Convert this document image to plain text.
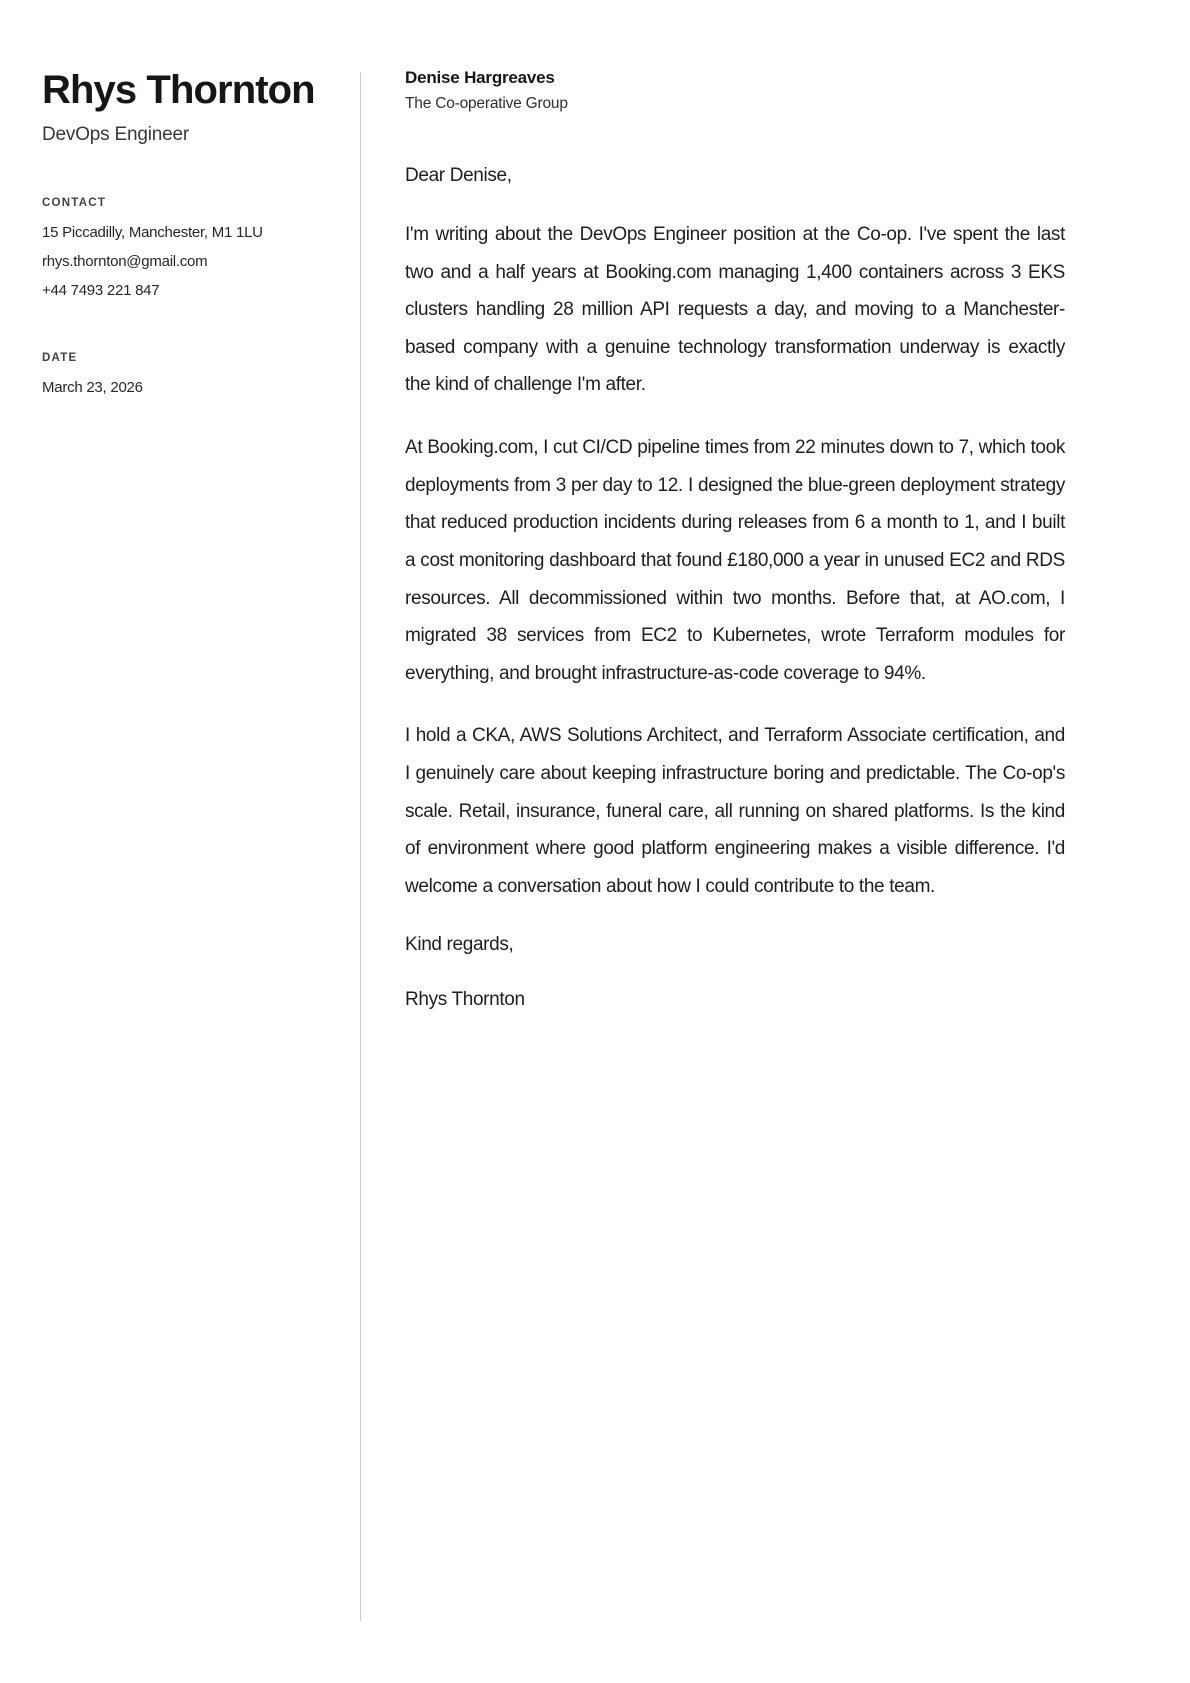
Rhys Thornton

DevOps Engineer

CONTACT

15 Piccadilly, Manchester, M1 1LU

rhys.thornton@gmail.com

+44 7493 221 847

DATE

March 23, 2026

Denise Hargreaves

The Co-operative Group

Dear Denise,

I'm writing about the DevOps Engineer position at the Co-op. I've spent the last two and a half years at Booking.com managing 1,400 containers across 3 EKS clusters handling 28 million API requests a day, and moving to a Manchester-based company with a genuine technology transformation underway is exactly the kind of challenge I'm after.

At Booking.com, I cut CI/CD pipeline times from 22 minutes down to 7, which took deployments from 3 per day to 12. I designed the blue-green deployment strategy that reduced production incidents during releases from 6 a month to 1, and I built a cost monitoring dashboard that found £180,000 a year in unused EC2 and RDS resources. All decommissioned within two months. Before that, at AO.com, I migrated 38 services from EC2 to Kubernetes, wrote Terraform modules for everything, and brought infrastructure-as-code coverage to 94%.

I hold a CKA, AWS Solutions Architect, and Terraform Associate certification, and I genuinely care about keeping infrastructure boring and predictable. The Co-op's scale. Retail, insurance, funeral care, all running on shared platforms. Is the kind of environment where good platform engineering makes a visible difference. I'd welcome a conversation about how I could contribute to the team.

Kind regards,

Rhys Thornton
